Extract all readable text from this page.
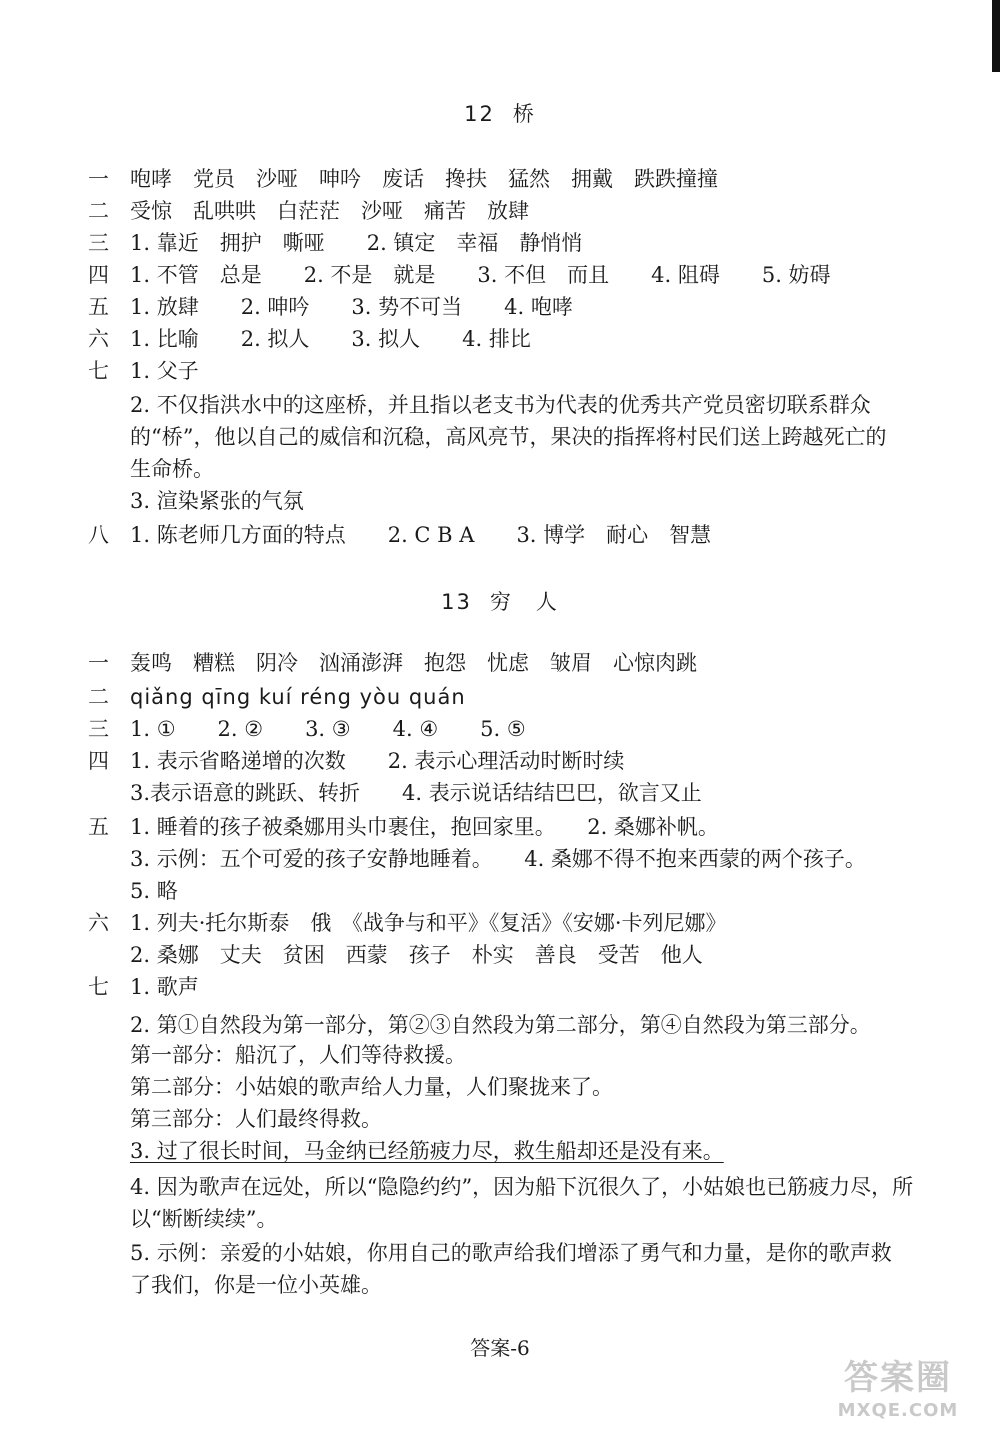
12 桥
一 咆哮　党员　沙哑　呻吟　废话　搀扶　猛然　拥戴　跌跌撞撞
二 受惊　乱哄哄　白茫茫　沙哑　痛苦　放肆
三 1. 靠近　拥护　嘶哑　　2. 镇定　幸福　静悄悄
四 1. 不管　总是　　2. 不是　就是　　3. 不但　而且　　4. 阻碍　　5. 妨碍
五 1. 放肆　　2. 呻吟　　3. 势不可当　　4. 咆哮
六 1. 比喻　　2. 拟人　　3. 拟人　　4. 排比
七 1. 父子
2. 不仅指洪水中的这座桥，并且指以老支书为代表的优秀共产党员密切联系群众
的“桥”，他以自己的威信和沉稳，高风亮节，果决的指挥将村民们送上跨越死亡的
生命桥。
3. 渲染紧张的气氛
八 1. 陈老师几方面的特点　　2. C B A　　3. 博学　耐心　智慧
13 穷　人
一 轰鸣　糟糕　阴冷　汹涌澎湃　抱怨　忧虑　皱眉　心惊肉跳
二 qiǎng qīng kuí réng yòu quán
三 1. ①　　2. ②　　3. ③　　4. ④　　5. ⑤
四 1. 表示省略递增的次数　　2. 表示心理活动时断时续
3.表示语意的跳跃、转折　　4. 表示说话结结巴巴，欲言又止
五 1. 睡着的孩子被桑娜用头巾裹住，抱回家里。　　2. 桑娜补帆。
3. 示例：五个可爱的孩子安静地睡着。　　4. 桑娜不得不抱来西蒙的两个孩子。
5. 略
六 1. 列夫·托尔斯泰　俄　《战争与和平》《复活》《安娜·卡列尼娜》
2. 桑娜　丈夫　贫困　西蒙　孩子　朴实　善良　受苦　他人
七 1. 歌声
2. 第①自然段为第一部分，第②③自然段为第二部分，第④自然段为第三部分。
第一部分：船沉了，人们等待救援。
第二部分：小姑娘的歌声给人力量，人们聚拢来了。
第三部分：人们最终得救。
3. 过了很长时间，马金纳已经筋疲力尽，救生船却还是没有来。
4. 因为歌声在远处，所以“隐隐约约”，因为船下沉很久了，小姑娘也已筋疲力尽，所
以“断断续续”。
5. 示例：亲爱的小姑娘，你用自己的歌声给我们增添了勇气和力量，是你的歌声救
了我们，你是一位小英雄。
答案-6
答案圈
MXQE.COM
